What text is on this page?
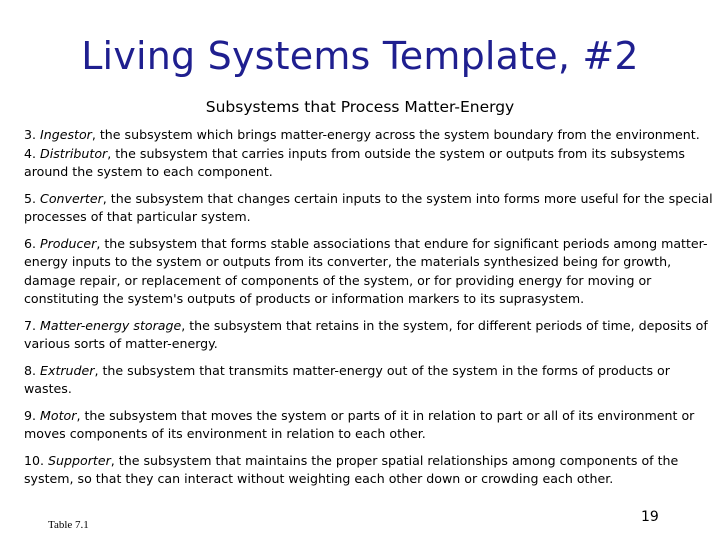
Living Systems Template, #2
Subsystems that Process Matter-Energy

3. Ingestor, the subsystem which brings matter-energy across the system boundary from the environment.

4. Distributor, the subsystem that carries inputs from outside the system or outputs from its subsystems around the system to each component.

5. Converter, the subsystem that changes certain inputs to the system into forms more useful for the special processes of that particular system.

6. Producer, the subsystem that forms stable associations that endure for significant periods among matter-energy inputs to the system or outputs from its converter, the materials synthesized being for growth, damage repair, or replacement of components of the system, or for providing energy for moving or constituting the system's outputs of products or information markers to its suprasystem.

7. Matter-energy storage, the subsystem that retains in the system, for different periods of time, deposits of various sorts of matter-energy.

8. Extruder, the subsystem that transmits matter-energy out of the system in the forms of products or wastes.

9. Motor, the subsystem that moves the system or parts of it in relation to part or all of its environment or moves components of its environment in relation to each other.

10. Supporter, the subsystem that maintains the proper spatial relationships among components of the system, so that they can interact without weighting each other down or crowding each other.

Table 7.1	19
